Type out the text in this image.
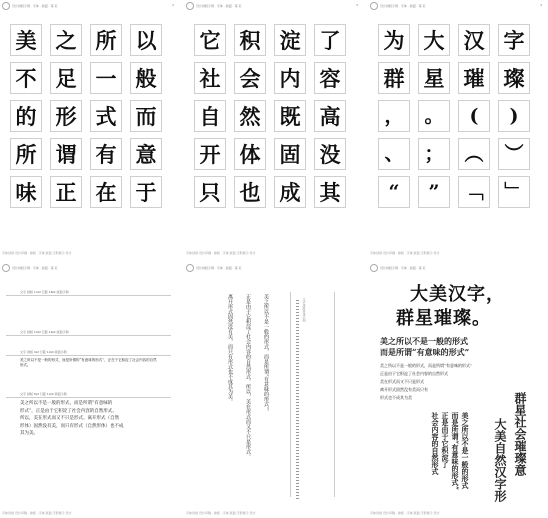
设计排版示例 · 字体 · 版面 · 第 页	2
美 之 所 以
不 足 一 般
的 形 式 而
所 谓 有 意
味 正 在 于
字体试排 设计印刷 · 排版 · 字体 版面 字形展示 设计
设计排版示例 · 字体 · 版面 · 第 页	3
它 积 淀 了
社 会 内 容
自 然 既 高
开 体 固 没
只 也 成 其
字体试排 设计印刷 · 排版 · 字体 版面 字形展示 设计
设计排版示例 · 字体 · 版面 · 第 页	4
为 大 汉 字
群 星 璀 璨
，	。	(	)
、	；	︵	︶
“	”	﹁	﹂
字体试排 设计印刷 · 排版 · 字体 版面 字形展示 设计
设计排版示例 · 字体 · 版面 · 第 页
文字 排版 12pt 行距 18pt 版面示例
文字 排版 10pt 行距 16pt 版面示例
文字 排版 9pt 行距 14pt 版面示例
美之所以不是一般的形式，而是所谓的“有意味的形式”，正在于它积淀了社会内容的自然形式。
文字 排版 8pt 行距 12pt 版面示例
美之所以不是一般的形式，而是所谓“有意味的
形式”，正是由于它积淀了社会内容的自然形式。
所以，美在形式而又不只是形式。离开形式（自然
形体）固然没有美，而只有形式（自然形体）也不成
其为美。
字体试排 设计印刷 · 排版 · 字体 版面 字形展示 设计
设计排版示例 · 字体 · 版面 · 第 页
美之所以不是一般的形式，而是所谓“有意味的形式”，
正是由于它积淀了社会内容的自然形式。所以，美在形式而又不只是形式。
离开形式固然没有美，而只有形式也不成其为美。	文字排版竖排示例
字体试排 设计印刷 · 排版 · 字体 版面 字形展示 设计
设计排版示例 · 字体 · 版面 · 第 页
大美汉字，
群星璀璨。
美之所以不是一般的形式
而是所谓“有意味的形式”
美之所以不是一般的形式，而是所谓“有意味的形式”
正是由于它积淀了社会内容的自然形式
美在形式而又不只是形式
离开形式固然没有美而只有
形式也不成其为美
美之所以不是一般的形式
而是所谓“有意味的形式”
正是由于它积淀了
社会内容的自然形式	大美自然汉字形 群星社会璀璨意
字体试排 设计印刷 · 排版 · 字体 版面 字形展示 设计
